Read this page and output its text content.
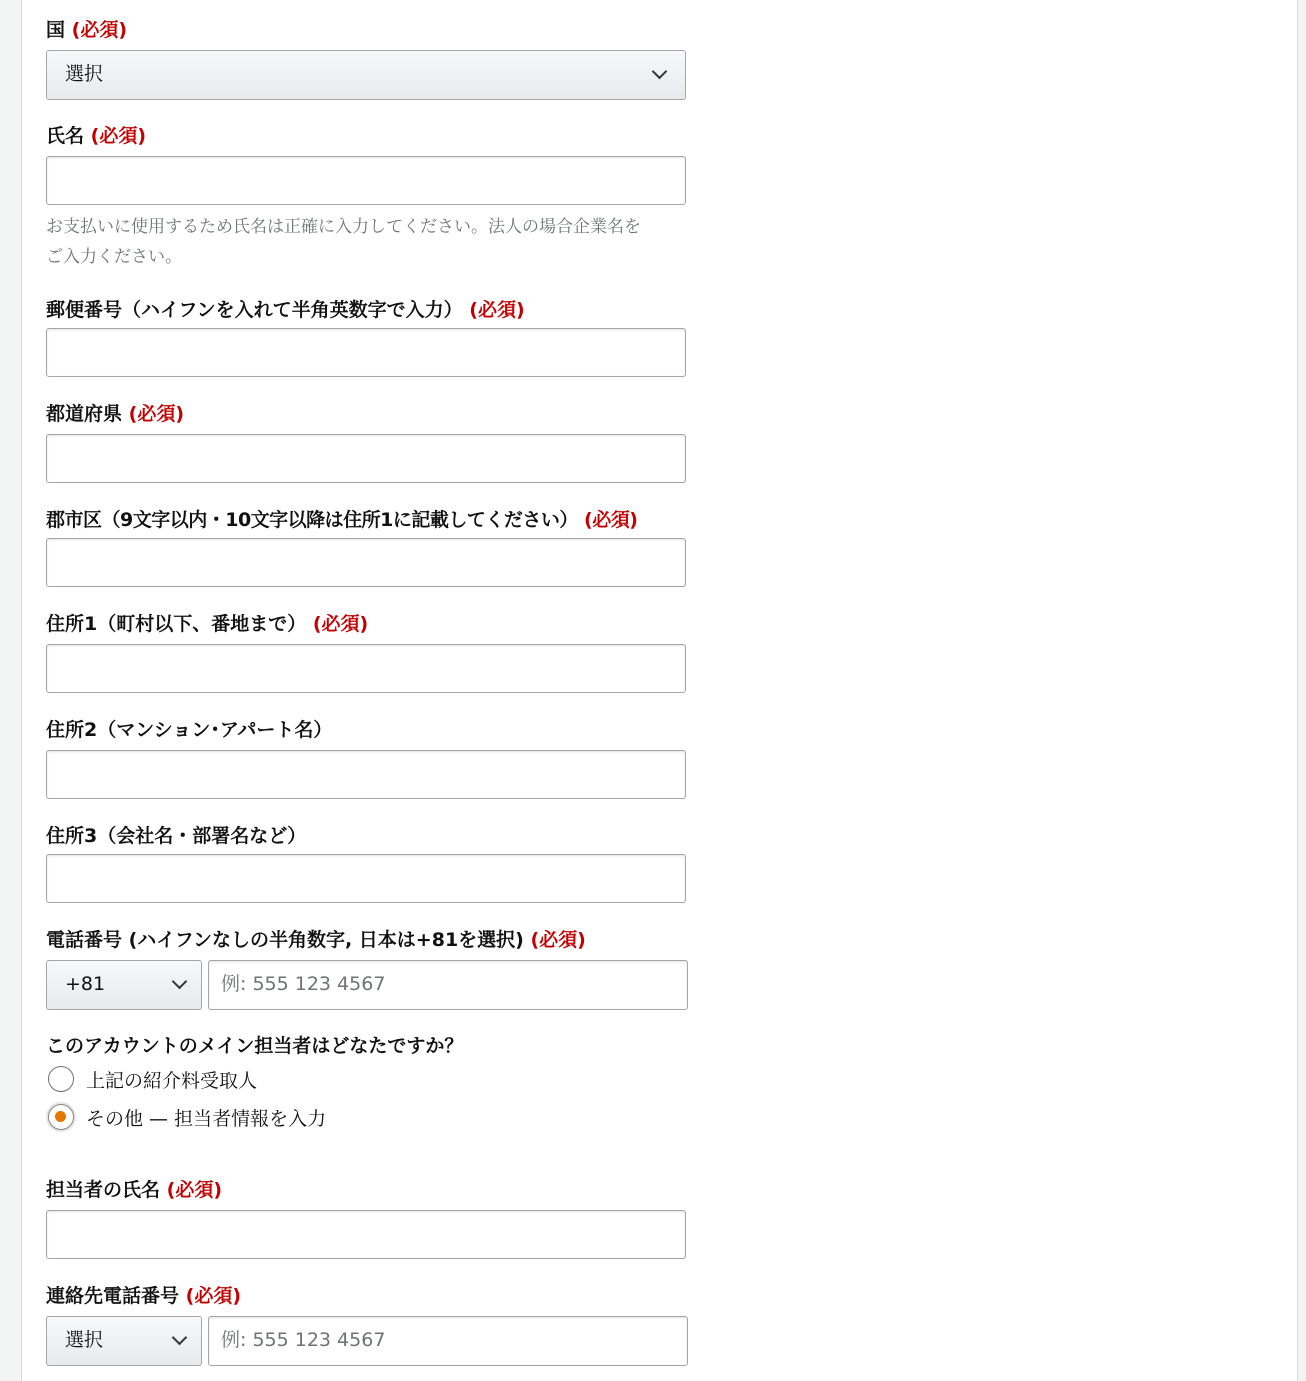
国 (必須)
選択
氏名 (必須)
お支払いに使用するため氏名は正確に入力してください。法人の場合企業名をご入力ください。
郵便番号（ハイフンを入れて半角英数字で入力） (必須)
都道府県 (必須)
郡市区（9文字以内・10文字以降は住所1に記載してください） (必須)
住所1（町村以下、番地まで） (必須)
住所2（マンション･アパート名）
住所3（会社名・部署名など）
電話番号 (ハイフンなしの半角数字, 日本は+81を選択) (必須)
+81	例: 555 123 4567
このアカウントのメイン担当者はどなたですか？
上記の紹介料受取人
その他 — 担当者情報を入力
担当者の氏名 (必須)
連絡先電話番号 (必須)
選択	例: 555 123 4567
